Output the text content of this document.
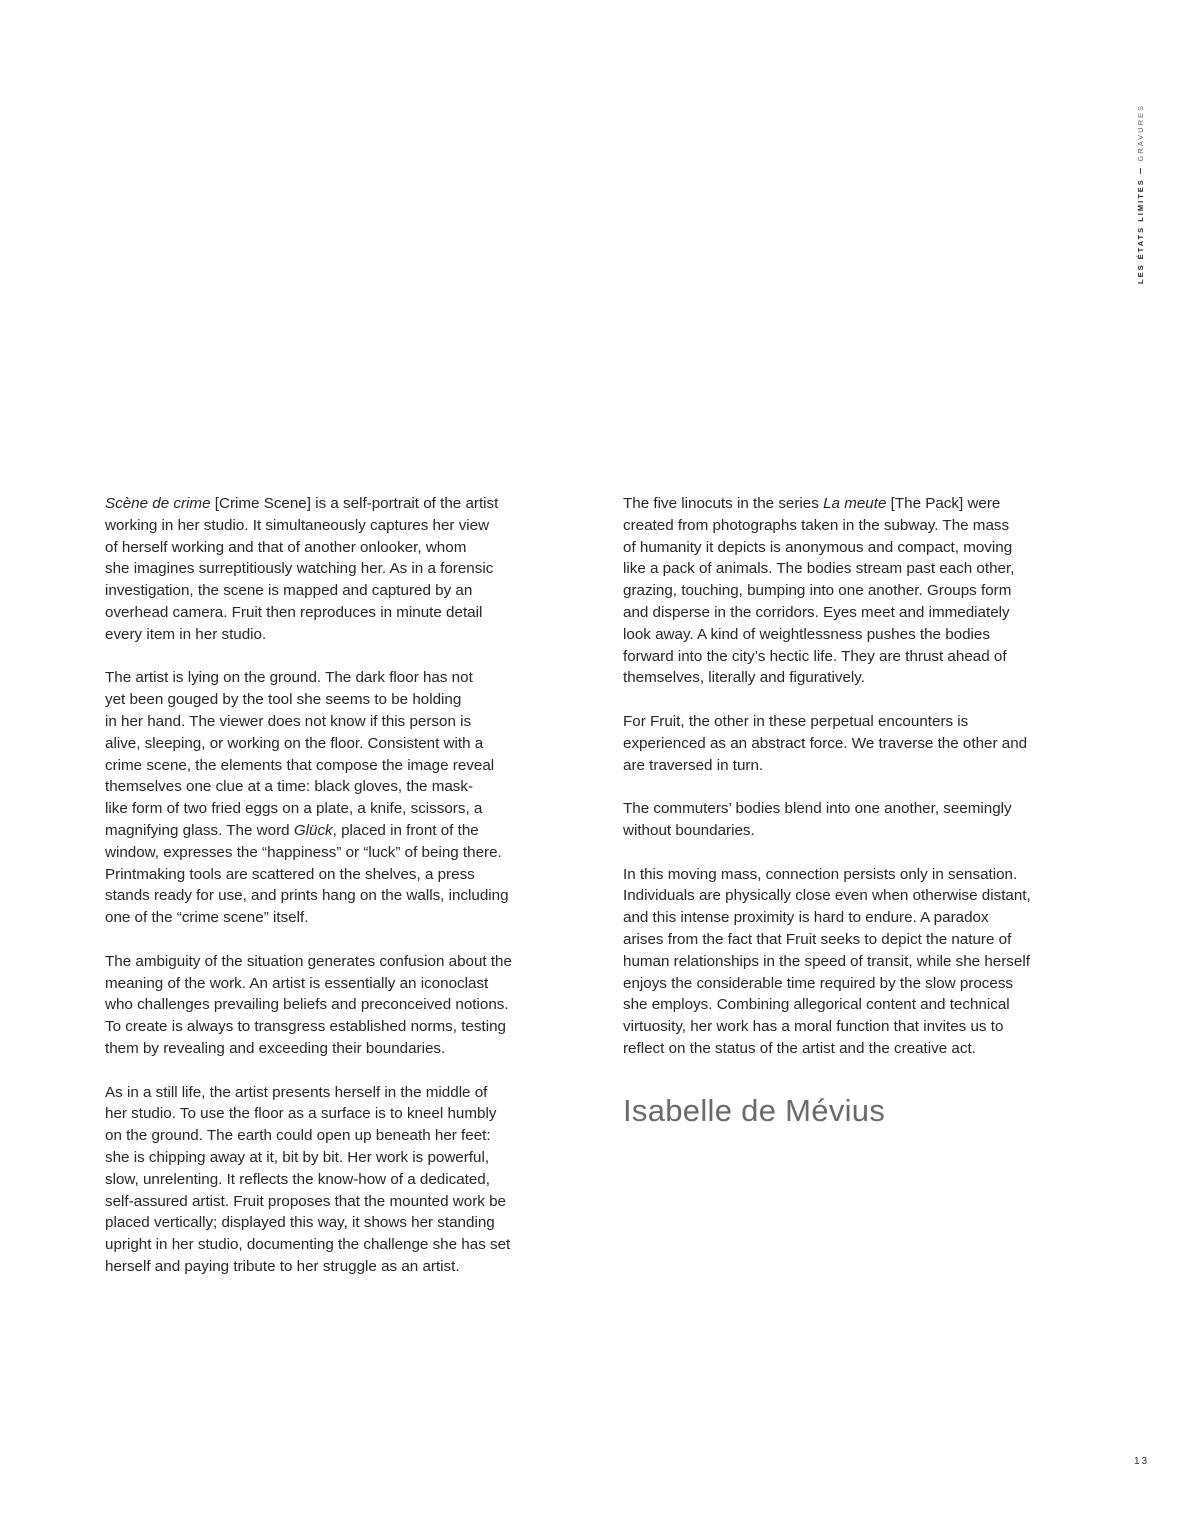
LES ÉTATS LIMITES
GRAVURES

Scène de crime [Crime Scene] is a self-portrait of the artist
working in her studio. It simultaneously captures her view
of herself working and that of another onlooker, whom
she imagines surreptitiously watching her. As in a forensic
investigation, the scene is mapped and captured by an
overhead camera. Fruit then reproduces in minute detail
every item in her studio.

The artist is lying on the ground. The dark floor has not
yet been gouged by the tool she seems to be holding
in her hand. The viewer does not know if this person is
alive, sleeping, or working on the floor. Consistent with a
crime scene, the elements that compose the image reveal
themselves one clue at a time: black gloves, the mask-
like form of two fried eggs on a plate, a knife, scissors, a
magnifying glass. The word Glück, placed in front of the
window, expresses the “happiness” or “luck” of being there.
Printmaking tools are scattered on the shelves, a press
stands ready for use, and prints hang on the walls, including
one of the “crime scene” itself.

The ambiguity of the situation generates confusion about the
meaning of the work. An artist is essentially an iconoclast
who challenges prevailing beliefs and preconceived notions.
To create is always to transgress established norms, testing
them by revealing and exceeding their boundaries.

As in a still life, the artist presents herself in the middle of
her studio. To use the floor as a surface is to kneel humbly
on the ground. The earth could open up beneath her feet:
she is chipping away at it, bit by bit. Her work is powerful,
slow, unrelenting. It reflects the know-how of a dedicated,
self-assured artist. Fruit proposes that the mounted work be
placed vertically; displayed this way, it shows her standing
upright in her studio, documenting the challenge she has set
herself and paying tribute to her struggle as an artist.

The five linocuts in the series La meute [The Pack] were
created from photographs taken in the subway. The mass
of humanity it depicts is anonymous and compact, moving
like a pack of animals. The bodies stream past each other,
grazing, touching, bumping into one another. Groups form
and disperse in the corridors. Eyes meet and immediately
look away. A kind of weightlessness pushes the bodies
forward into the city’s hectic life. They are thrust ahead of
themselves, literally and figuratively.

For Fruit, the other in these perpetual encounters is
experienced as an abstract force. We traverse the other and
are traversed in turn.

The commuters’ bodies blend into one another, seemingly
without boundaries.

In this moving mass, connection persists only in sensation.
Individuals are physically close even when otherwise distant,
and this intense proximity is hard to endure. A paradox
arises from the fact that Fruit seeks to depict the nature of
human relationships in the speed of transit, while she herself
enjoys the considerable time required by the slow process
she employs. Combining allegorical content and technical
virtuosity, her work has a moral function that invites us to
reflect on the status of the artist and the creative act.

Isabelle de Mévius
13
